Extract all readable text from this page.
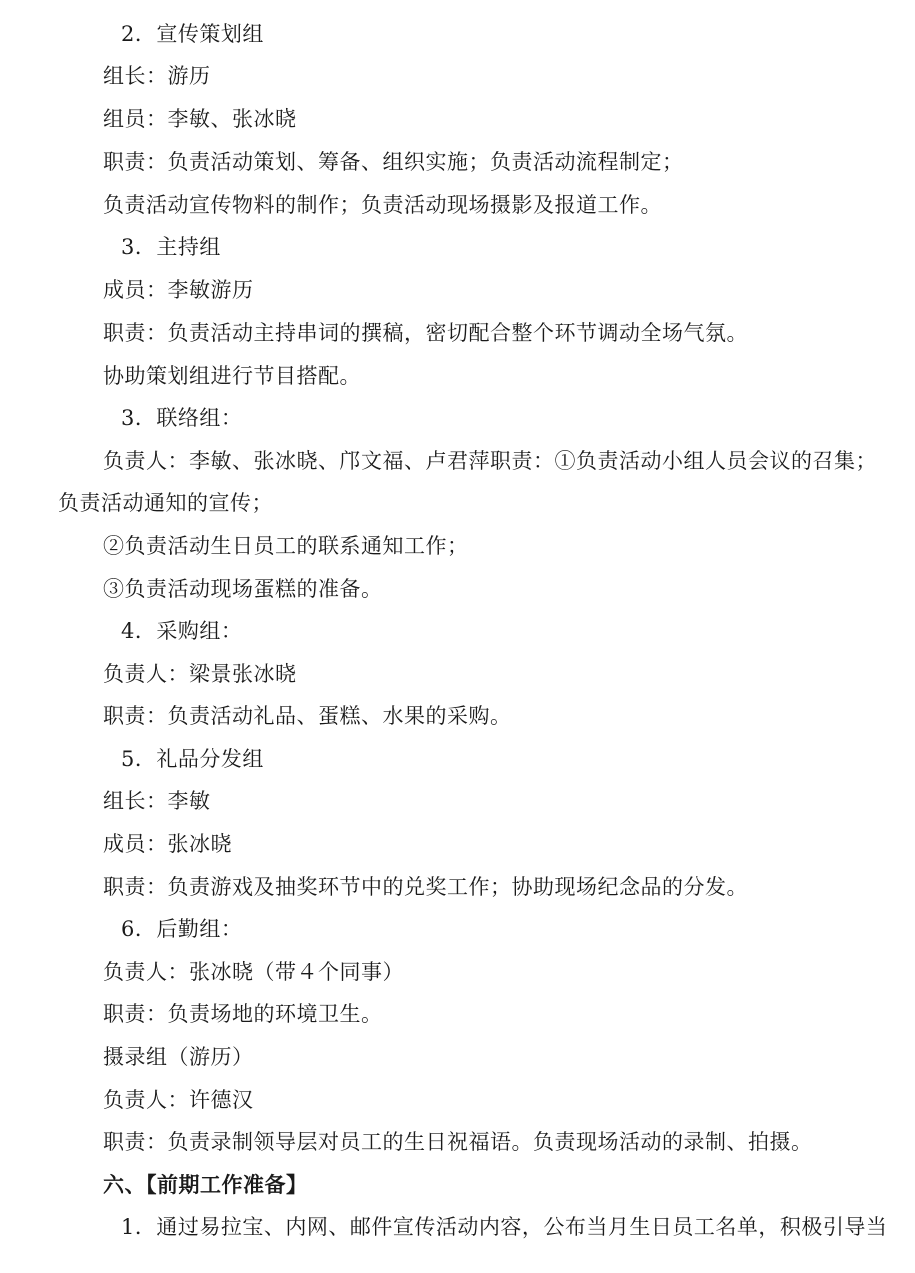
2．宣传策划组
组长：游历
组员：李敏、张冰晓
职责：负责活动策划、筹备、组织实施；负责活动流程制定；
负责活动宣传物料的制作；负责活动现场摄影及报道工作。
3．主持组
成员：李敏游历
职责：负责活动主持串词的撰稿，密切配合整个环节调动全场气氛。
协助策划组进行节目搭配。
3．联络组：
负责人：李敏、张冰晓、邝文福、卢君萍职责：①负责活动小组人员会议的召集；
负责活动通知的宣传；
②负责活动生日员工的联系通知工作；
③负责活动现场蛋糕的准备。
4．采购组：
负责人：梁景张冰晓
职责：负责活动礼品、蛋糕、水果的采购。
5．礼品分发组
组长：李敏
成员：张冰晓
职责：负责游戏及抽奖环节中的兑奖工作；协助现场纪念品的分发。
6．后勤组：
负责人：张冰晓（带４个同事）
职责：负责场地的环境卫生。
摄录组（游历）
负责人：许德汉
职责：负责录制领导层对员工的生日祝福语。负责现场活动的录制、拍摄。
六、【前期工作准备】
1．通过易拉宝、内网、邮件宣传活动内容，公布当月生日员工名单，积极引导当
